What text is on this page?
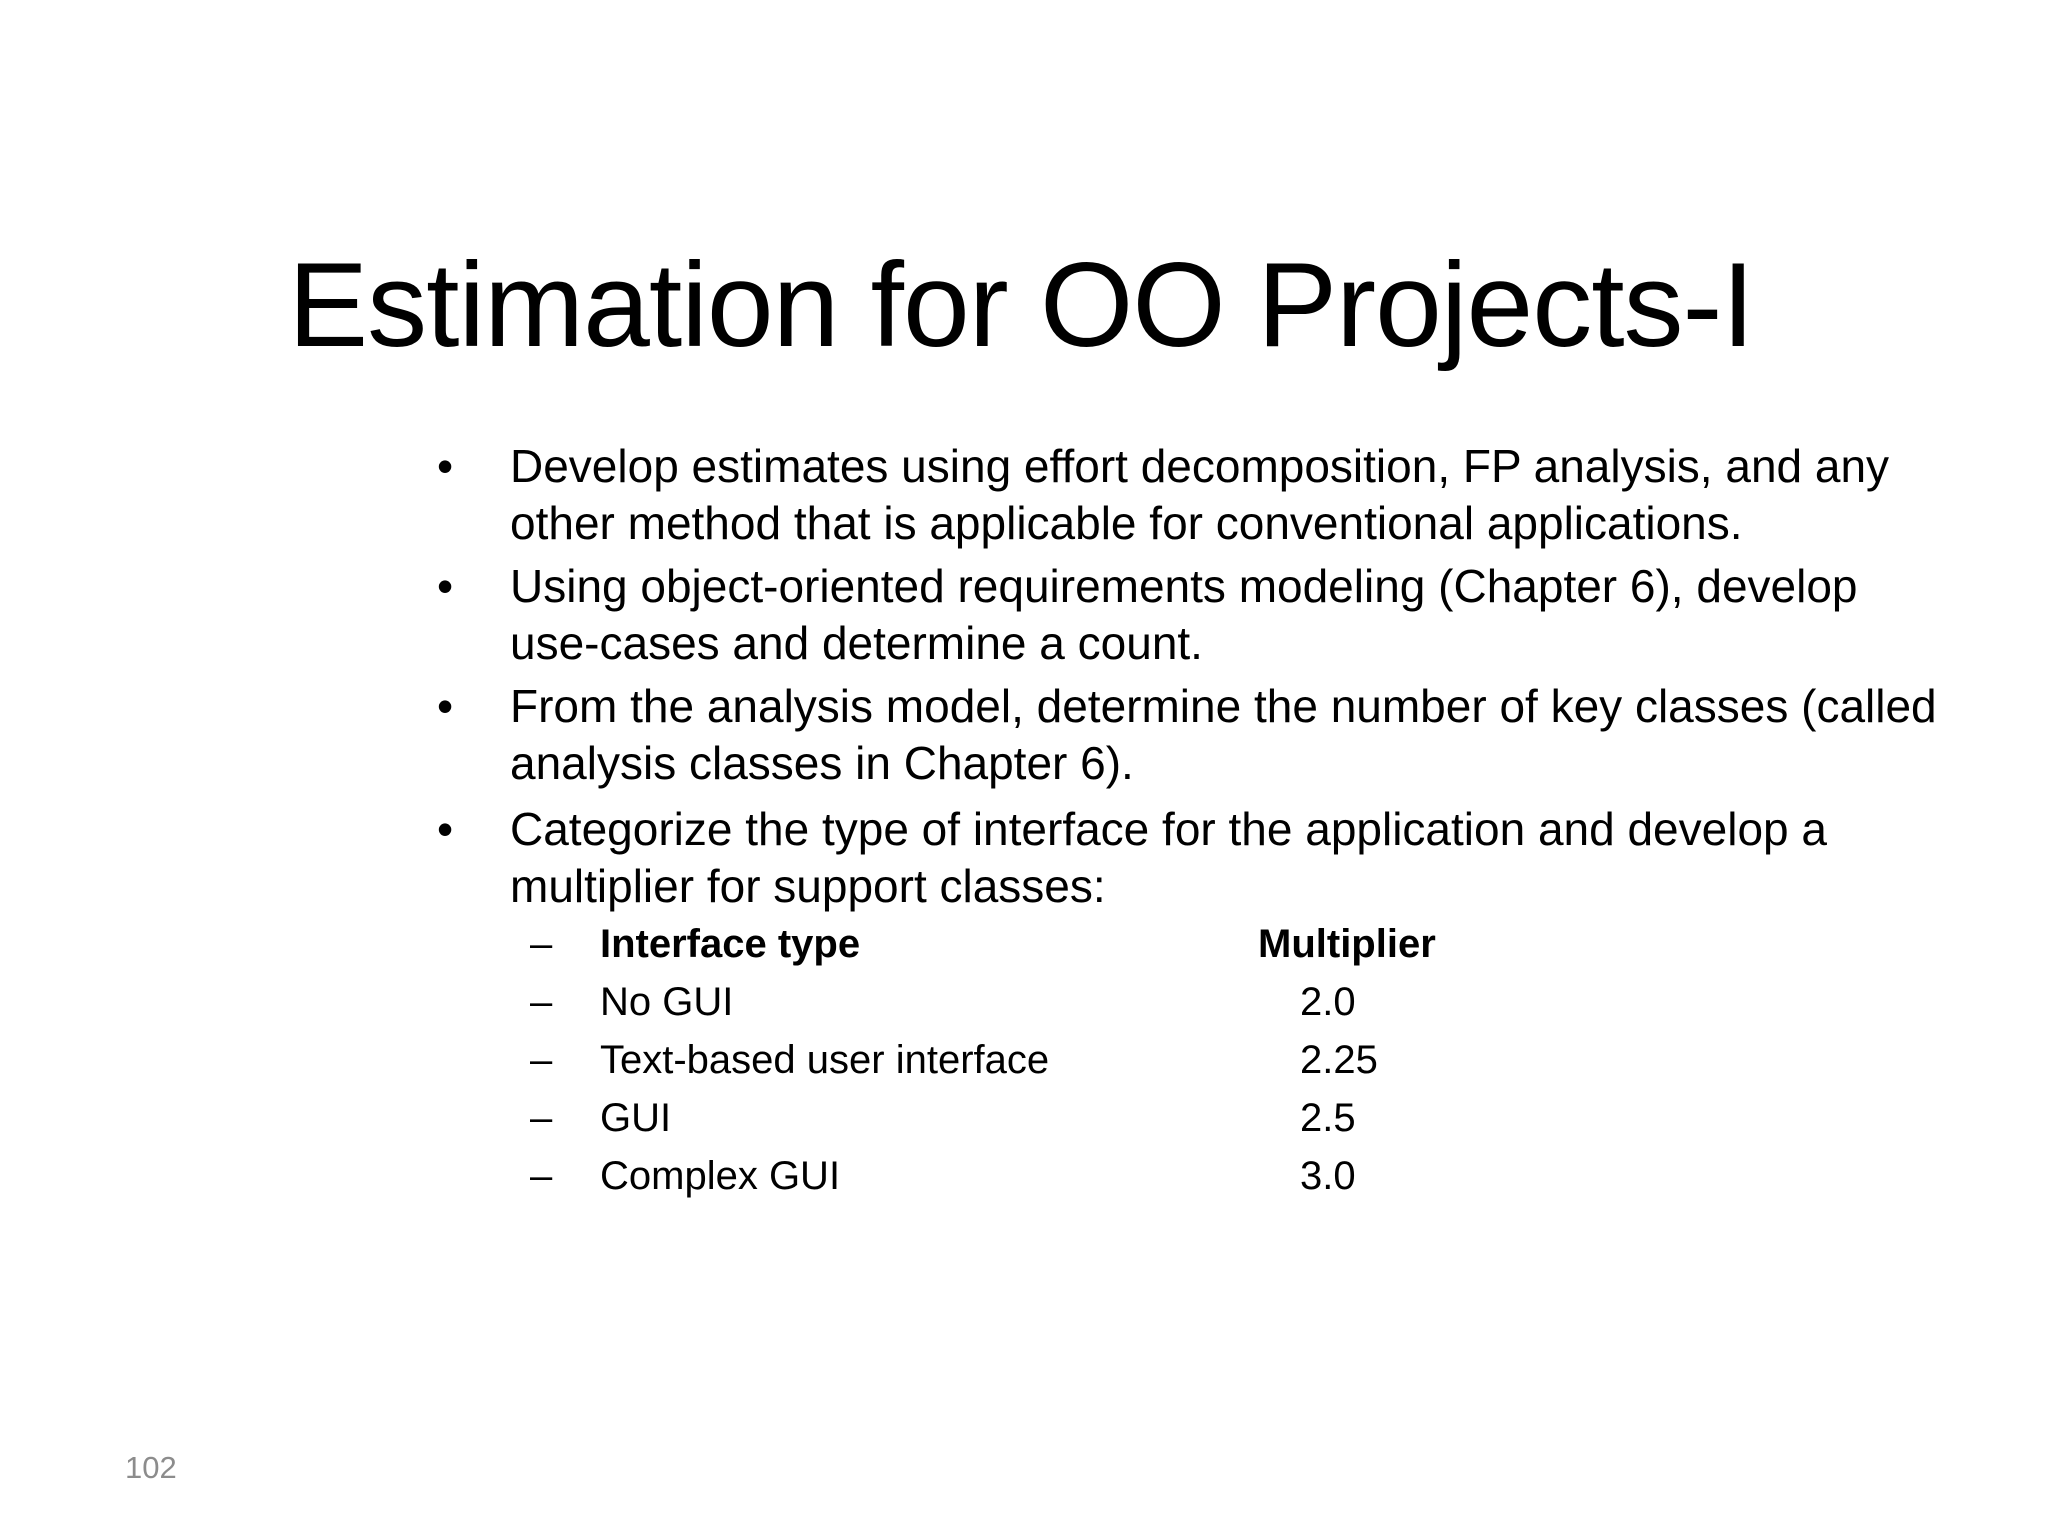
Estimation for OO Projects-I
• Develop estimates using effort decomposition, FP analysis, and any other method that is applicable for conventional applications.
• Using object-oriented requirements modeling (Chapter 6), develop use-cases and determine a count.
• From the analysis model, determine the number of key classes (called analysis classes in Chapter 6).
• Categorize the type of interface for the application and develop a multiplier for support classes:
– Interface type	Multiplier
– No GUI	2.0
– Text-based user interface	2.25
– GUI	2.5
– Complex GUI	3.0
102
